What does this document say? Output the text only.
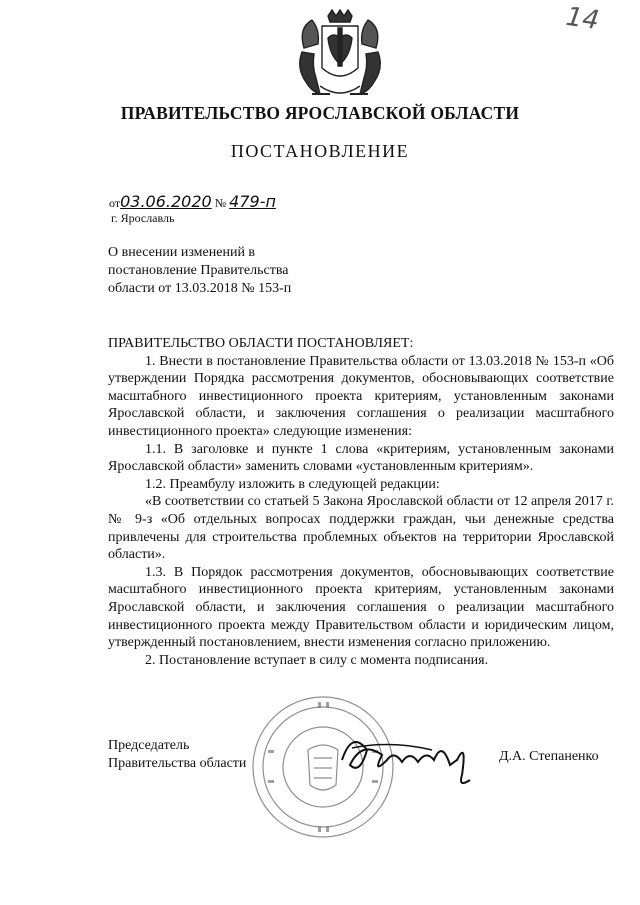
14
ПРАВИТЕЛЬСТВО ЯРОСЛАВСКОЙ ОБЛАСТИ
ПОСТАНОВЛЕНИЕ
от03.06.2020 № 479-п
г. Ярославль
О внесении изменений в
постановление Правительства
области от 13.03.2018 № 153-п

ПРАВИТЕЛЬСТВО ОБЛАСТИ ПОСТАНОВЛЯЕТ:

1. Внести в постановление Правительства области от 13.03.2018 № 153-п «Об утверждении Порядка рассмотрения документов, обосновывающих соответствие масштабного инвестиционного проекта критериям, установленным законами Ярославской области, и заключения соглашения о реализации масштабного инвестиционного проекта» следующие изменения:

1.1. В заголовке и пункте 1 слова «критериям, установленным законами Ярославской области» заменить словами «установленным критериям».

1.2. Преамбулу изложить в следующей редакции:

«В соответствии со статьей 5 Закона Ярославской области от 12 апреля 2017 г. № 9-з «Об отдельных вопросах поддержки граждан, чьи денежные средства привлечены для строительства проблемных объектов на территории Ярославской области».

1.3. В Порядок рассмотрения документов, обосновывающих соответствие масштабного инвестиционного проекта критериям, установленным законами Ярославской области, и заключения соглашения о реализации масштабного инвестиционного проекта между Правительством области и юридическим лицом, утвержденный постановлением, внести изменения согласно приложению.

2. Постановление вступает в силу с момента подписания.

Председатель
Правительства области	Д.А. Степаненко
